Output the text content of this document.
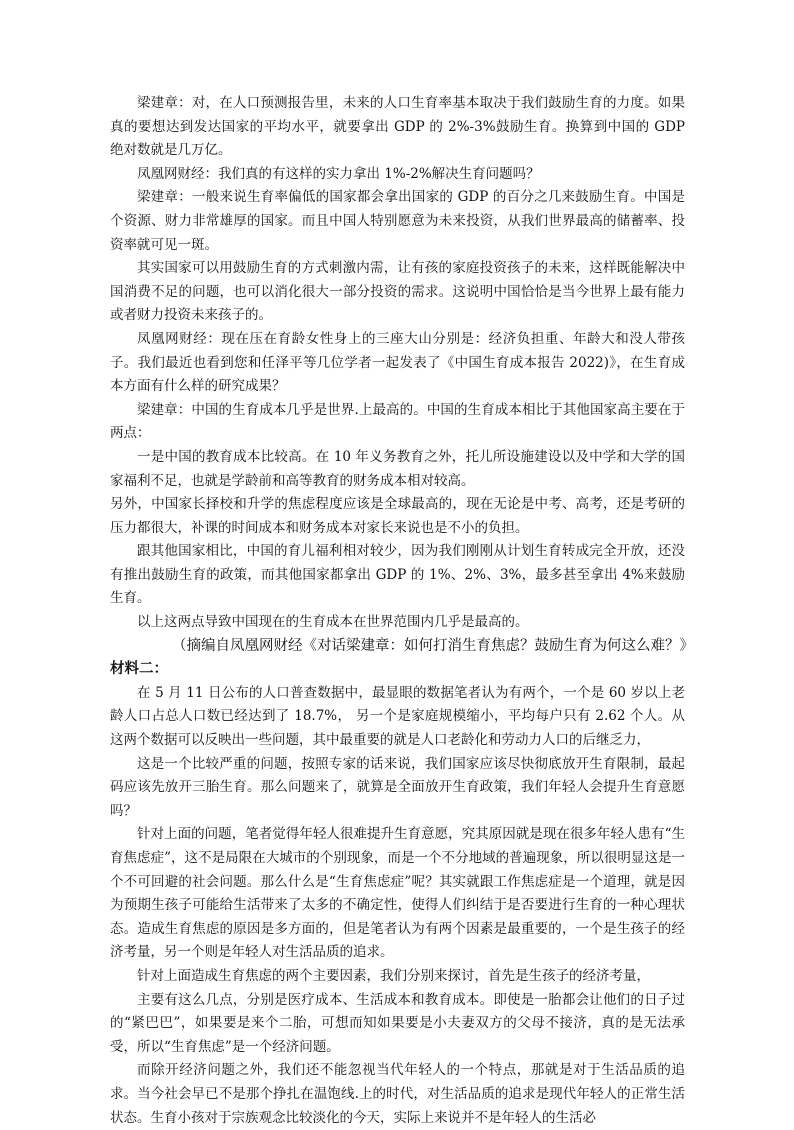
梁建章：对，在人口预测报告里，未来的人口生育率基本取决于我们鼓励生育的力度。如果真的要想达到发达国家的平均水平，就要拿出 GDP 的 2%-3%鼓励生育。换算到中国的 GDP 绝对数就是几万亿。

凤凰网财经：我们真的有这样的实力拿出 1%-2%解决生育问题吗？

梁建章：一般来说生育率偏低的国家都会拿出国家的 GDP 的百分之几来鼓励生育。中国是个资源、财力非常雄厚的国家。而且中国人特别愿意为未来投资，从我们世界最高的储蓄率、投资率就可见一斑。

其实国家可以用鼓励生育的方式刺激内需，让有孩的家庭投资孩子的未来，这样既能解决中国消费不足的问题，也可以消化很大一部分投资的需求。这说明中国恰恰是当今世界上最有能力或者财力投资未来孩子的。

凤凰网财经：现在压在育龄女性身上的三座大山分别是：经济负担重、年龄大和没人带孩子。我们最近也看到您和任泽平等几位学者一起发表了《中国生育成本报告 2022)》，在生育成本方面有什么样的研究成果？

梁建章：中国的生育成本几乎是世界.上最高的。中国的生育成本相比于其他国家高主要在于两点：

一是中国的教育成本比较高。在 10 年义务教育之外，托儿所设施建设以及中学和大学的国家福利不足，也就是学龄前和高等教育的财务成本相对较高。

另外，中国家长择校和升学的焦虑程度应该是全球最高的，现在无论是中考、高考，还是考研的压力都很大，补课的时间成本和财务成本对家长来说也是不小的负担。

跟其他国家相比，中国的育儿福利相对较少，因为我们刚刚从计划生育转成完全开放，还没有推出鼓励生育的政策，而其他国家都拿出 GDP 的 1%、2%、3%，最多甚至拿出 4%来鼓励生育。

以上这两点导致中国现在的生育成本在世界范围内几乎是最高的。

（摘编自凤凰网财经《对话梁建章：如何打消生育焦虑？鼓励生育为何这么难？》

材料二：

在 5 月 11 日公布的人口普查数据中，最显眼的数据笔者认为有两个，一个是 60 岁以上老龄人口占总人口数已经达到了 18.7%， 另一个是家庭规模缩小，平均每户只有 2.62 个人。从这两个数据可以反映出一些问题，其中最重要的就是人口老龄化和劳动力人口的后继乏力，

这是一个比较严重的问题，按照专家的话来说，我们国家应该尽快彻底放开生育限制，最起码应该先放开三胎生育。那么问题来了，就算是全面放开生育政策，我们年轻人会提升生育意愿吗？

针对上面的问题，笔者觉得年轻人很难提升生育意愿，究其原因就是现在很多年轻人患有“生育焦虑症”，这不是局限在大城市的个别现象，而是一个不分地域的普遍现象，所以很明显这是一个不可回避的社会问题。那么什么是“生育焦虑症”呢？其实就跟工作焦虑症是一个道理，就是因为预期生孩子可能给生活带来了太多的不确定性，使得人们纠结于是否要进行生育的一种心理状态。造成生育焦虑的原因是多方面的，但是笔者认为有两个因素是最重要的，一个是生孩子的经济考量，另一个则是年轻人对生活品质的追求。

针对上面造成生育焦虑的两个主要因素，我们分别来探讨，首先是生孩子的经济考量，

主要有这么几点，分别是医疗成本、生活成本和教育成本。即使是一胎都会让他们的日子过的“紧巴巴”，如果要是来个二胎，可想而知如果要是小夫妻双方的父母不接济，真的是无法承受，所以“生育焦虑”是一个经济问题。

而除开经济问题之外，我们还不能忽视当代年轻人的一个特点，那就是对于生活品质的追求。当今社会早已不是那个挣扎在温饱线.上的时代，对生活品质的追求是现代年轻人的正常生活状态。生育小孩对于宗族观念比较淡化的今天，实际上来说并不是年轻人的生活必
